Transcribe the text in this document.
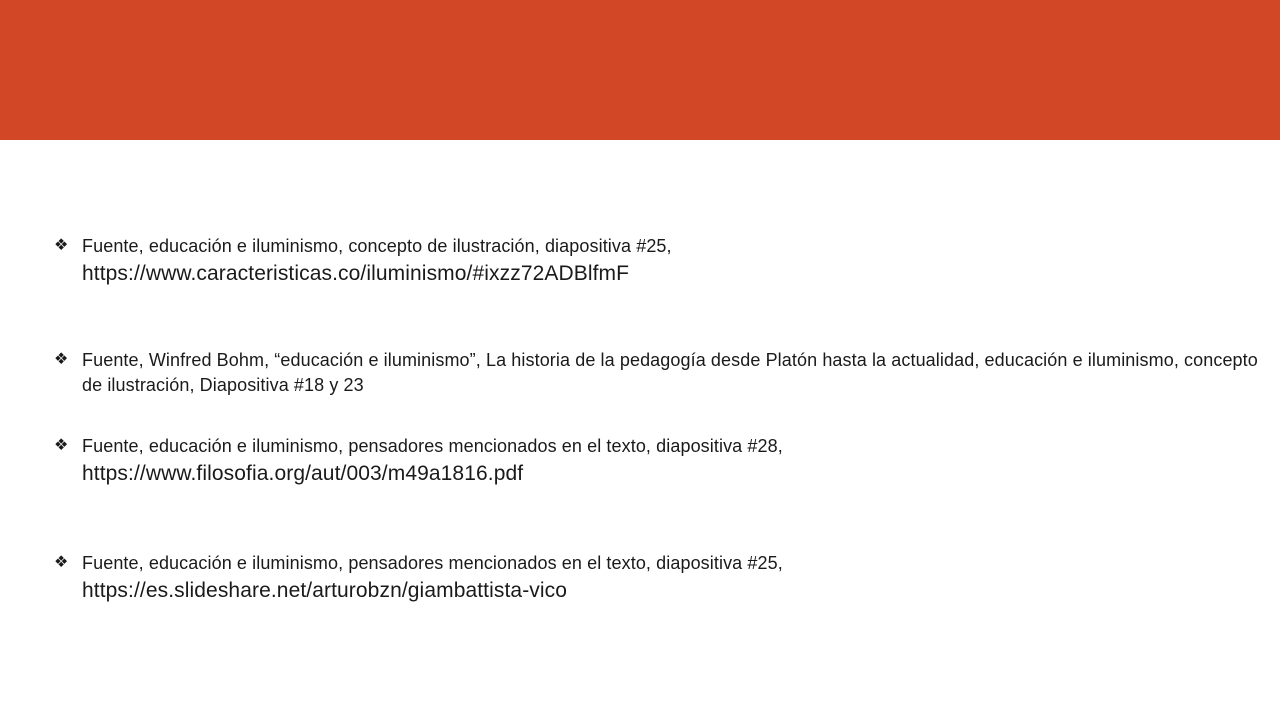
❖ Fuente, educación e iluminismo, concepto de ilustración, diapositiva #25,
https://www.caracteristicas.co/iluminismo/#ixzz72ADBlfmF
❖ Fuente, Winfred Bohm, “educación e iluminismo”, La historia de la pedagogía desde Platón hasta la actualidad, educación e iluminismo, concepto de ilustración, Diapositiva #18 y 23
❖ Fuente, educación e iluminismo, pensadores mencionados en el texto, diapositiva #28,
https://www.filosofia.org/aut/003/m49a1816.pdf
❖ Fuente, educación e iluminismo, pensadores mencionados en el texto, diapositiva #25,
https://es.slideshare.net/arturobzn/giambattista-vico
